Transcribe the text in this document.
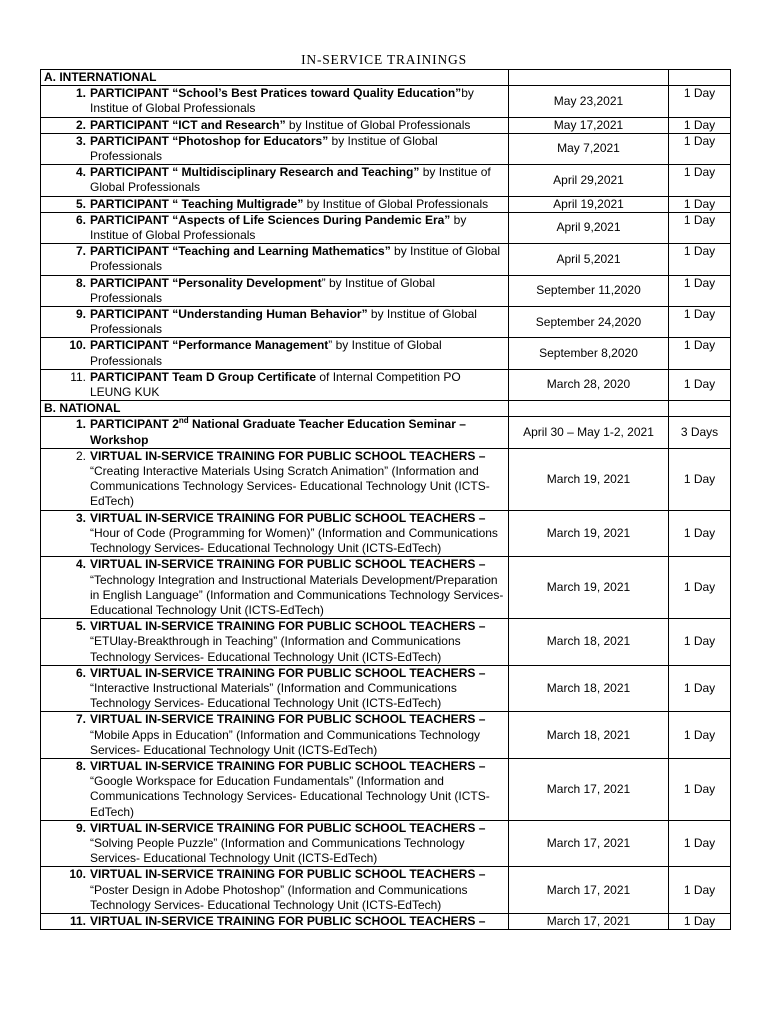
IN-SERVICE TRAININGS
A. INTERNATIONAL		

1. PARTICIPANT “School’s Best Pratices toward Quality Education”by Institue of Global Professionals	May 23,2021	1 Day

2. PARTICIPANT “ICT and Research” by Institue of Global Professionals	May 17,2021	1 Day

3. PARTICIPANT “Photoshop for Educators” by Institue of Global Professionals	May 7,2021	1 Day

4. PARTICIPANT “ Multidisciplinary Research and Teaching” by Institue of Global Professionals	April 29,2021	1 Day

5. PARTICIPANT “ Teaching Multigrade” by Institue of Global Professionals	April 19,2021	1 Day

6. PARTICIPANT “Aspects of Life Sciences During Pandemic Era” by Institue of Global Professionals	April 9,2021	1 Day

7. PARTICIPANT “Teaching and Learning Mathematics” by Institue of Global Professionals	April 5,2021	1 Day

8. PARTICIPANT “Personality Development” by Institue of Global Professionals	September 11,2020	1 Day

9. PARTICIPANT “Understanding Human Behavior” by Institue of Global Professionals	September 24,2020	1 Day

10. PARTICIPANT “Performance Management” by Institue of Global Professionals	September 8,2020	1 Day

11. PARTICIPANT Team D Group Certificate of Internal Competition PO LEUNG KUK	March 28, 2020	1 Day
B. NATIONAL		

1. PARTICIPANT 2nd National Graduate Teacher Education Seminar – Workshop	April 30 – May 1-2, 2021	3 Days

2. VIRTUAL IN-SERVICE TRAINING FOR PUBLIC SCHOOL TEACHERS –
“Creating Interactive Materials Using Scratch Animation” (Information and Communications Technology Services- Educational Technology Unit (ICTS-EdTech)	March 19, 2021	1 Day

3. VIRTUAL IN-SERVICE TRAINING FOR PUBLIC SCHOOL TEACHERS –
“Hour of Code (Programming for Women)” (Information and Communications Technology Services- Educational Technology Unit (ICTS-EdTech)	March 19, 2021	1 Day

4. VIRTUAL IN-SERVICE TRAINING FOR PUBLIC SCHOOL TEACHERS –
“Technology Integration and Instructional Materials Development/Preparation in English Language” (Information and Communications Technology Services- Educational Technology Unit (ICTS-EdTech)	March 19, 2021	1 Day

5. VIRTUAL IN-SERVICE TRAINING FOR PUBLIC SCHOOL TEACHERS –
“ETUlay-Breakthrough in Teaching” (Information and Communications Technology Services- Educational Technology Unit (ICTS-EdTech)	March 18, 2021	1 Day

6. VIRTUAL IN-SERVICE TRAINING FOR PUBLIC SCHOOL TEACHERS –
“Interactive Instructional Materials” (Information and Communications Technology Services- Educational Technology Unit (ICTS-EdTech)	March 18, 2021	1 Day

7. VIRTUAL IN-SERVICE TRAINING FOR PUBLIC SCHOOL TEACHERS –
“Mobile Apps in Education” (Information and Communications Technology Services- Educational Technology Unit (ICTS-EdTech)	March 18, 2021	1 Day

8. VIRTUAL IN-SERVICE TRAINING FOR PUBLIC SCHOOL TEACHERS –
“Google Workspace for Education Fundamentals” (Information and Communications Technology Services- Educational Technology Unit (ICTS-EdTech)	March 17, 2021	1 Day

9. VIRTUAL IN-SERVICE TRAINING FOR PUBLIC SCHOOL TEACHERS –
“Solving People Puzzle” (Information and Communications Technology Services- Educational Technology Unit (ICTS-EdTech)	March 17, 2021	1 Day

10. VIRTUAL IN-SERVICE TRAINING FOR PUBLIC SCHOOL TEACHERS –
“Poster Design in Adobe Photoshop” (Information and Communications Technology Services- Educational Technology Unit (ICTS-EdTech)	March 17, 2021	1 Day

11. VIRTUAL IN-SERVICE TRAINING FOR PUBLIC SCHOOL TEACHERS –	March 17, 2021	1 Day
